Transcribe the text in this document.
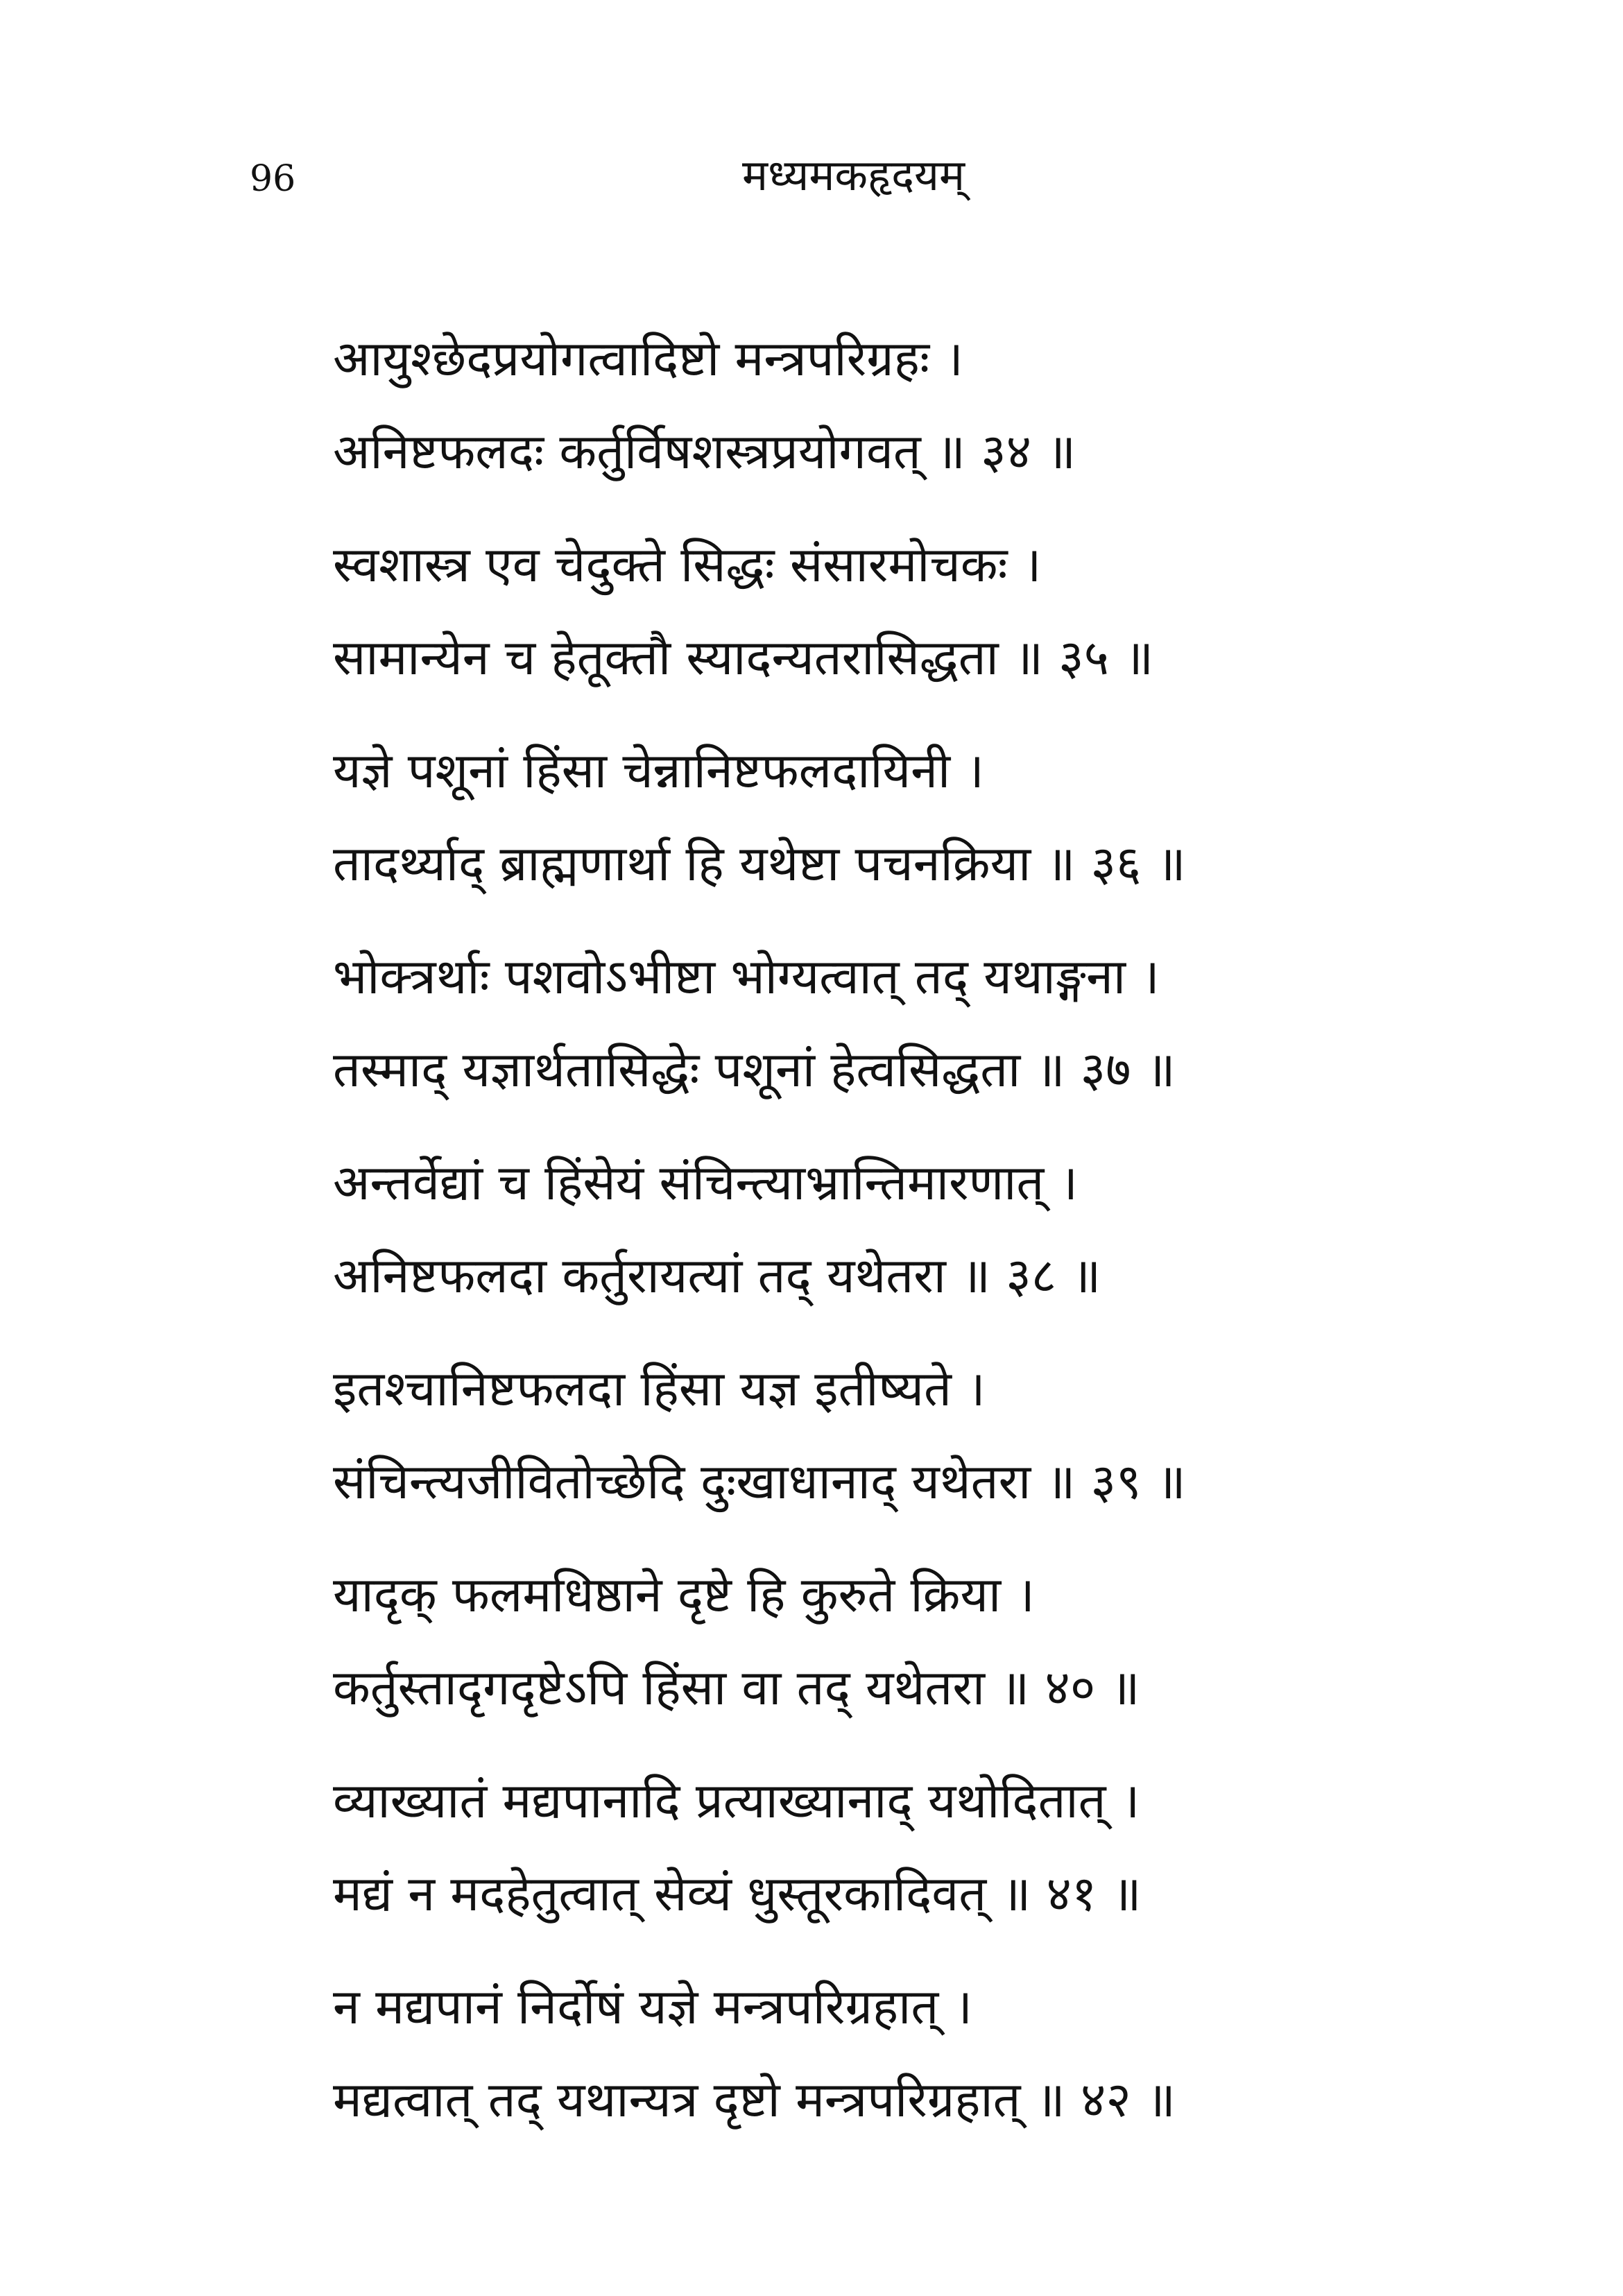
96	मध्यमकहृदयम्
आयुश्छेदप्रयोगत्वादिष्टो मन्त्रपरिग्रहः ।
अनिष्टफलदः कर्तुर्विषशस्त्रप्रयोगवत् ॥ ३४ ॥
स्वशास्त्र एव चेदुक्ते सिद्धः संसारमोचकः ।
सामान्येन च हेतूक्तौ स्यादन्यतरासिद्धता ॥ ३५ ॥
यज्ञे पशूनां हिंसा चेन्नानिष्टफलदायिनी ।
तादर्थ्याद् ब्राह्मणार्था हि यथेष्टा पचनक्रिया ॥ ३६ ॥
भोक्त्रर्थाः पशवोऽभीष्टा भोग्यत्वात् तद् यथाङ्गना ।
तस्माद् यज्ञार्थतासिद्धेः पशूनां हेत्वसिद्धता ॥ ३७ ॥
अन्तर्वेद्यां च हिंसेयं संचिन्त्याभ्रान्तिमारणात् ।
अनिष्टफलदा कर्तुरायत्यां तद् यथेतरा ॥ ३८ ॥
इतश्चानिष्टफलदा हिंसा यज्ञ इतीष्यते ।
संचिन्त्यजीवितोच्छेदि दुःखाधानाद् यथेतरा ॥ ३९ ॥
यादृक् फलमधिष्ठाने दृष्टे हि कुरुते क्रिया ।
कर्तुस्तादृगदृष्टेऽपि हिंसा वा तद् यथेतरा ॥ ४० ॥
व्याख्यातं मद्यपानादि प्रत्याख्यानाद् यथोदितात् ।
मद्यं न मदहेतुत्वात् सेव्यं धुस्तूरकादिवत् ॥ ४१ ॥
न मद्यपानं निर्दोषं यज्ञे मन्त्रपरिग्रहात् ।
मद्यत्वात् तद् यथान्यत्र दृष्टो मन्त्रपरिग्रहात् ॥ ४२ ॥
